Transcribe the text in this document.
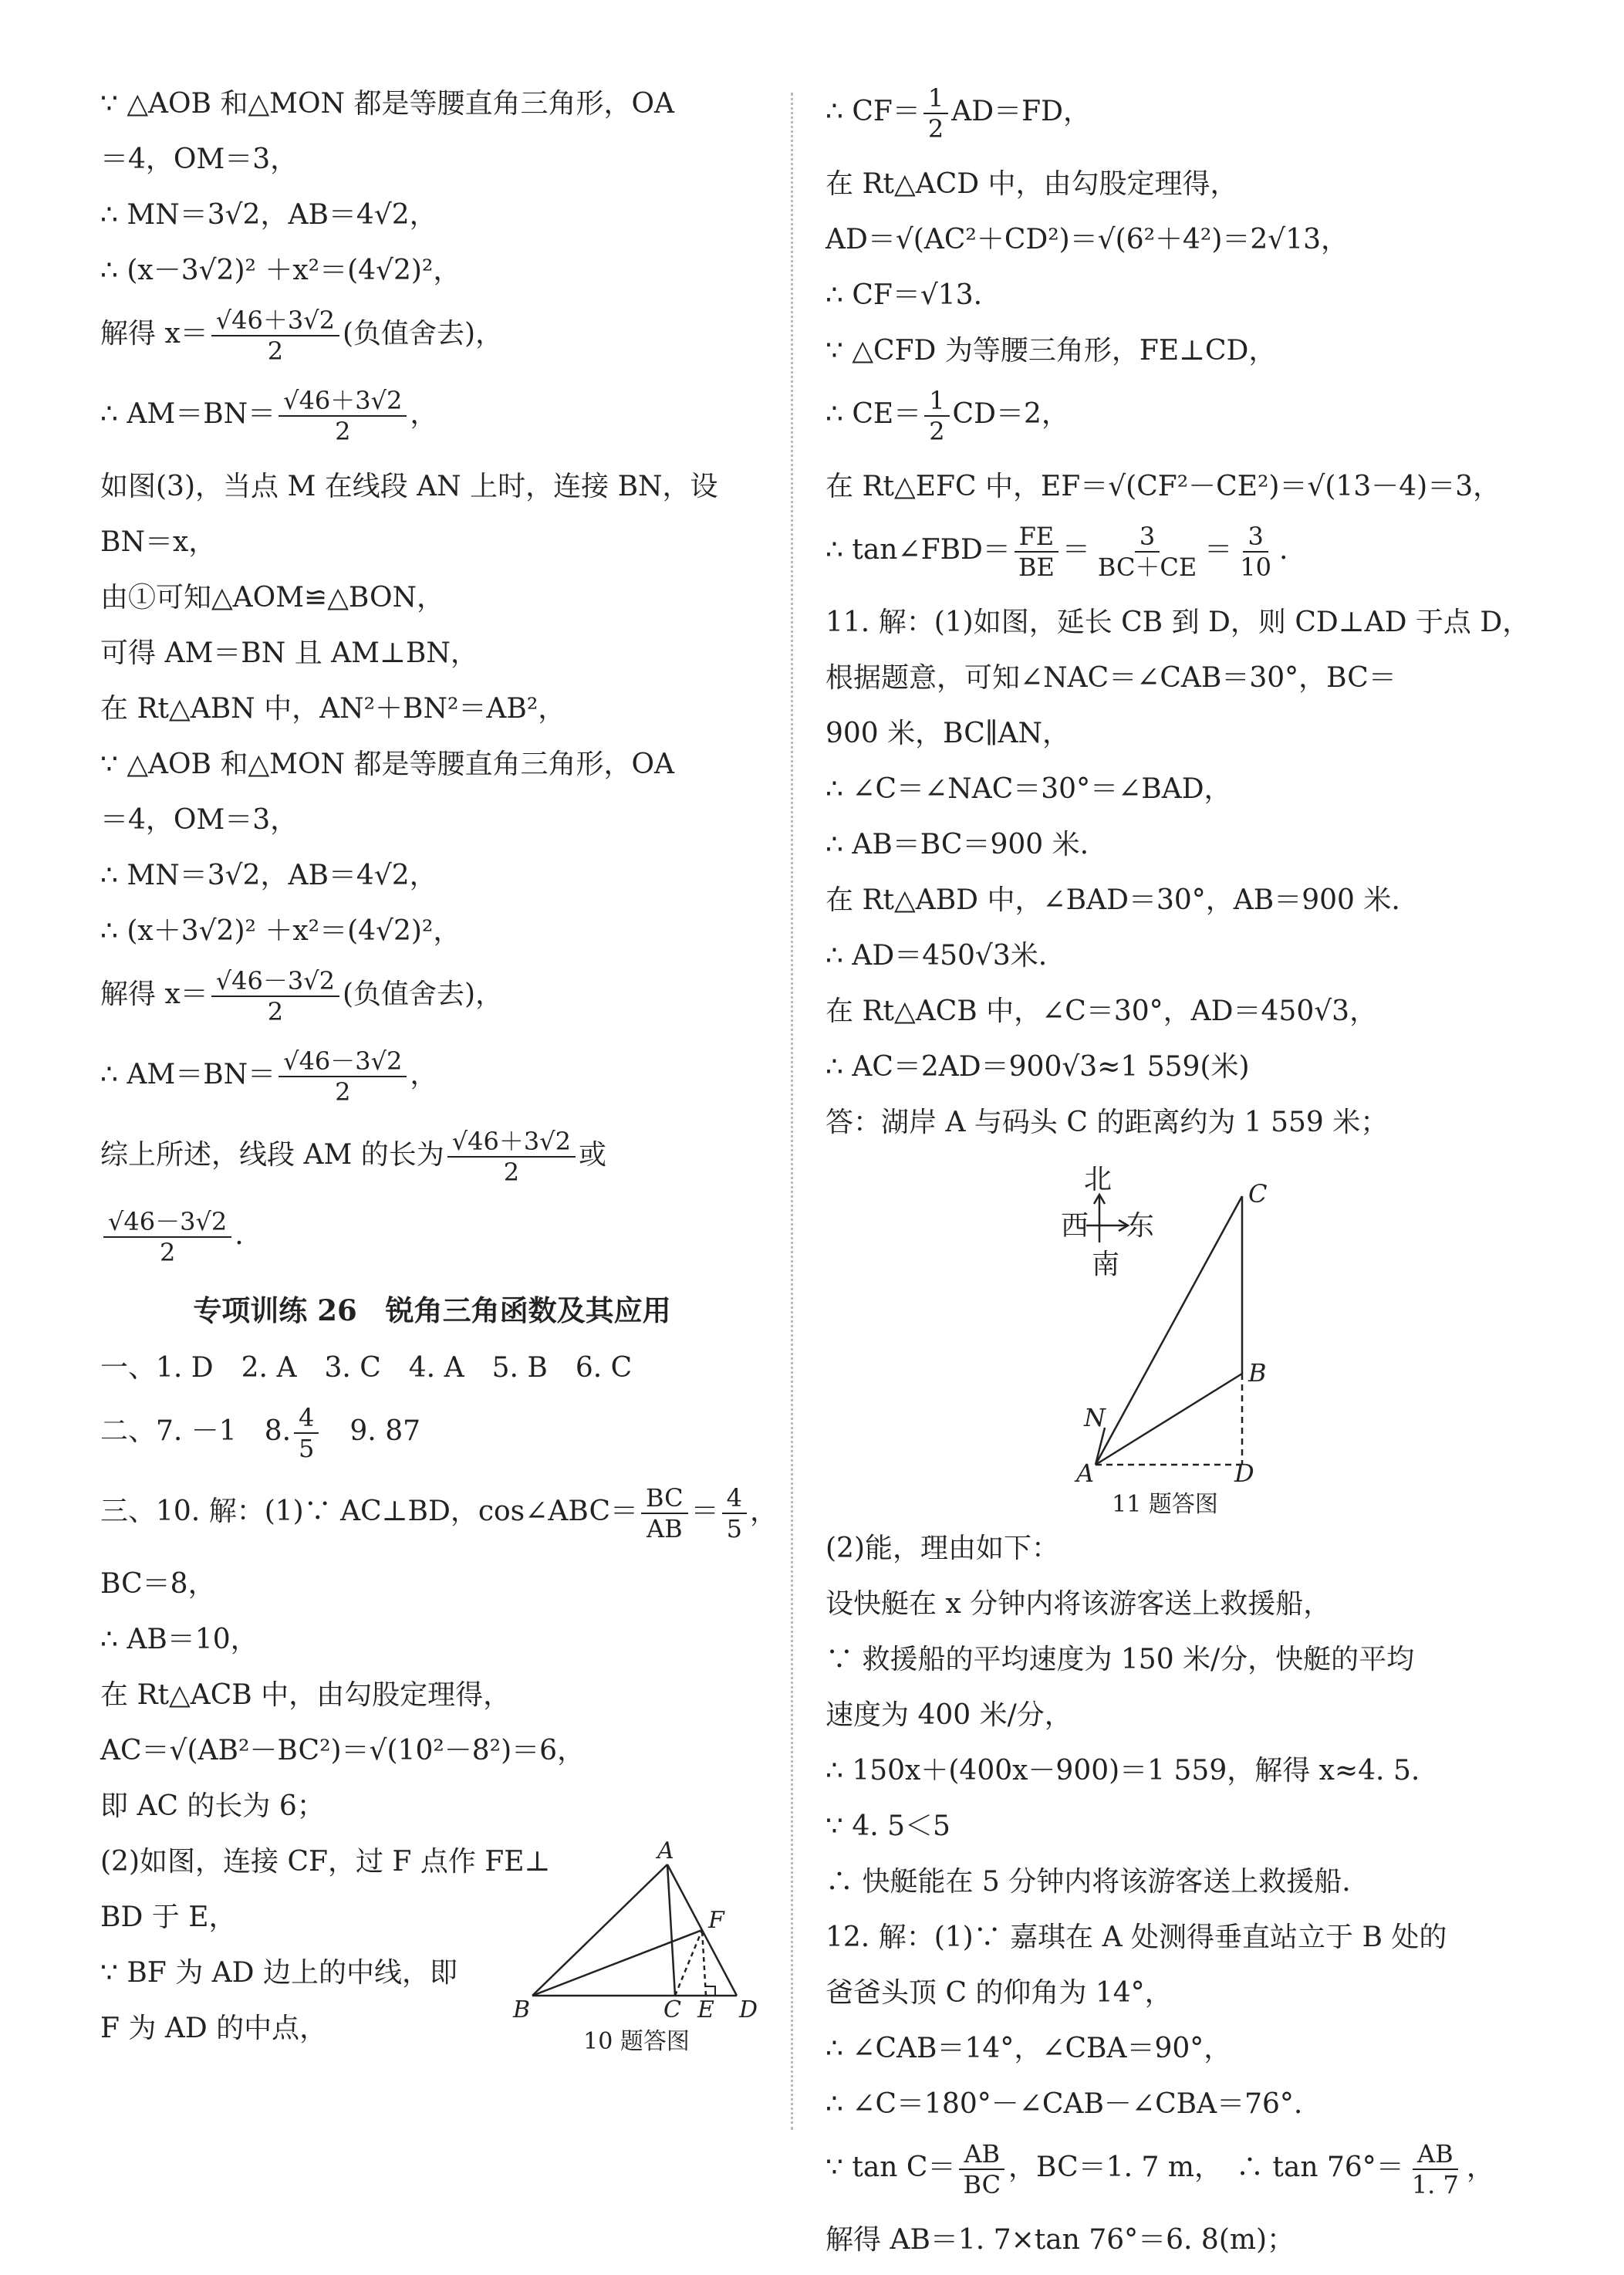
∵ △AOB 和△MON 都是等腰直角三角形，OA
＝4，OM＝3，
∴ MN＝3√2，AB＝4√2，
∴ (x－3√2)² ＋x²＝(4√2)²，
解得 $x= \frac{√46+3√2}{2}$ (负值舍去)，
∴ $AM=BN= \frac{√46+3√2}{2}$ ，
如图(3)，当点 M 在线段 AN 上时，连接 BN，设
BN＝x，
由①可知△AOM≌△BON，
可得 AM＝BN 且 AM⊥BN，
在 Rt△ABN 中，AN²＋BN²＝AB²，
∵ △AOB 和△MON 都是等腰直角三角形，OA
＝4，OM＝3，
∴ MN＝3√2，AB＝4√2，
∴ (x＋3√2)² ＋x²＝(4√2)²，
解得 $x= \frac{√46-3√2}{2}$ (负值舍去)，
∴ $AM=BN= \frac{√46-3√2}{2}$ ，
综上所述，线段 AM 的长为 $\frac{√46+3√2}{2}$ 或
$\frac{√46-3√2}{2}$ .
专项训练 26　锐角三角函数及其应用
一、1. D　2. A　3. C　4. A　5. B　6. C
二、7. －1　8. $\frac{4}{5}$ 　9. 87
三、10. 解：(1)∵ AC⊥BD，cos∠ABC＝ $\frac{BC}{AB} = \frac{4}{5}$ ，
BC＝8，
∴ AB＝10，
在 Rt△ACB 中，由勾股定理得，
AC＝√(AB²－BC²)＝√(10²－8²)＝6，
即 AC 的长为 6；
(2)如图，连接 CF，过 F 点作 FE⊥
BD 于 E，
∵ BF 为 AD 边上的中线，即
F 为 AD 的中点，
A
B	C	D
E
F
10 题答图
∴ $CF= \frac{1}{2} AD=FD$，
在 Rt△ACD 中，由勾股定理得，
AD＝√(AC²＋CD²)＝√(6²＋4²)＝2√13，
∴ CF＝√13.
∵ △CFD 为等腰三角形，FE⊥CD，
∴ $CE= \frac{1}{2} CD=2$，
在 Rt△EFC 中，EF＝√(CF²－CE²)＝√(13－4)＝3，
∴ tan∠FBD＝ $\frac{FE}{BE} = \frac{3}{BC+CE} = \frac{3}{10}$ .
11. 解：(1)如图，延长 CB 到 D，则 CD⊥AD 于点 D，
根据题意，可知∠NAC＝∠CAB＝30°，BC＝
900 米，BC∥AN，
∴ ∠C＝∠NAC＝30°＝∠BAD，
∴ AB＝BC＝900 米.
在 Rt△ABD 中，∠BAD＝30°，AB＝900 米.
∴ AD＝450√3米.
在 Rt△ACB 中，∠C＝30°，AD＝450√3，
∴ AC＝2AD＝900√3≈1 559(米)
答：湖岸 A 与码头 C 的距离约为 1 559 米；
北
西 东
南
C
B
A	D
N
11 题答图
(2)能，理由如下：
设快艇在 x 分钟内将该游客送上救援船，
∵ 救援船的平均速度为 150 米/分，快艇的平均
速度为 400 米/分，
∴ 150x＋(400x－900)＝1 559，解得 x≈4. 5.
∵ 4. 5＜5
∴ 快艇能在 5 分钟内将该游客送上救援船.
12. 解：(1)∵ 嘉琪在 A 处测得垂直站立于 B 处的
爸爸头顶 C 的仰角为 14°，
∴ ∠CAB＝14°，∠CBA＝90°，
∴ ∠C＝180°－∠CAB－∠CBA＝76°.
∵ $\tan C= \frac{AB}{BC}$ ，BC＝1. 7 m，　∴ $\tan 76^\circ= \frac{AB}{1. 7}$ ，
解得 AB＝1. 7×tan 76°＝6. 8(m)；
